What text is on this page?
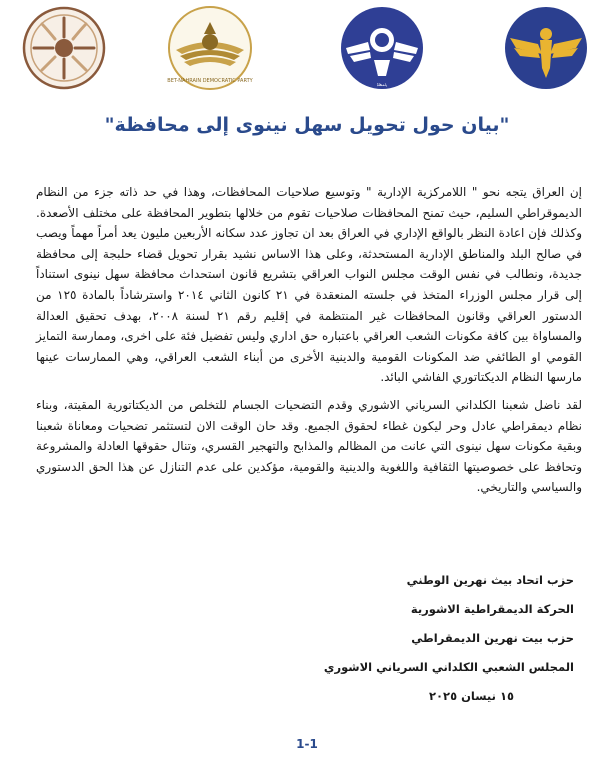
BET-NAHRAIN DEMOCRATIC PARTY
ܓܢܣܐ
"بيان حول تحويل سهل نينوى إلى محافظة"

إن العراق يتجه نحو " اللامركزية الإدارية " وتوسيع صلاحيات المحافظات، وهذا في حد ذاته جزء من النظام الديموقراطي السليم، حيث تمنح المحافظات صلاحيات تقوم من خلالها بتطوير المحافظة على مختلف الأصعدة. وكذلك فإن اعادة النظر بالواقع الإداري في العراق بعد ان تجاوز عدد سكانه الأربعين مليون يعد أمراً مهماً ويصب في صالح البلد والمناطق الإدارية المستحدثة، وعلى هذا الاساس نشيد بقرار تحويل قضاء حلبجة إلى محافظة جديدة، ونطالب في نفس الوقت مجلس النواب العراقي بتشريع قانون استحداث محافظة سهل نينوى استناداً إلى قرار مجلس الوزراء المتخذ في جلسته المنعقدة في ٢١ كانون الثاني ٢٠١٤ واسترشاداً بالمادة ١٢٥ من الدستور العراقي وقانون المحافظات غير المنتظمة في إقليم رقم ٢١ لسنة ٢٠٠٨، بهدف تحقيق العدالة والمساواة بين كافة مكونات الشعب العراقي باعتباره حق اداري وليس تفضيل فئة على اخرى، وممارسة التمايز القومي او الطائفي ضد المكونات القومية والدينية الأخرى من أبناء الشعب العراقي، وهي الممارسات عينها مارسها النظام الديكتاتوري الفاشي البائد.

لقد ناضل شعبنا الكلداني السرياني الاشوري وقدم التضحيات الجسام للتخلص من الديكتاتورية المقيتة، وبناء نظام ديمقراطي عادل وحر ليكون غطاء لحقوق الجميع. وقد حان الوقت الان لتستثمر تضحيات ومعاناة شعبنا وبقية مكونات سهل نينوى التي عانت من المظالم والمذابح والتهجير القسري، وتنال حقوقها العادلة والمشروعة وتحافظ على خصوصيتها الثقافية واللغوية والدينية والقومية، مؤكدين على عدم التنازل عن هذا الحق الدستوري والسياسي والتاريخي.

حزب اتحاد بيث نهرين الوطني
الحركة الديمقراطية الاشورية
حزب بيت نهرين الديمقراطي
المجلس الشعبي الكلداني السرياني الاشوري
١٥ نيسان ٢٠٢٥
1-1
